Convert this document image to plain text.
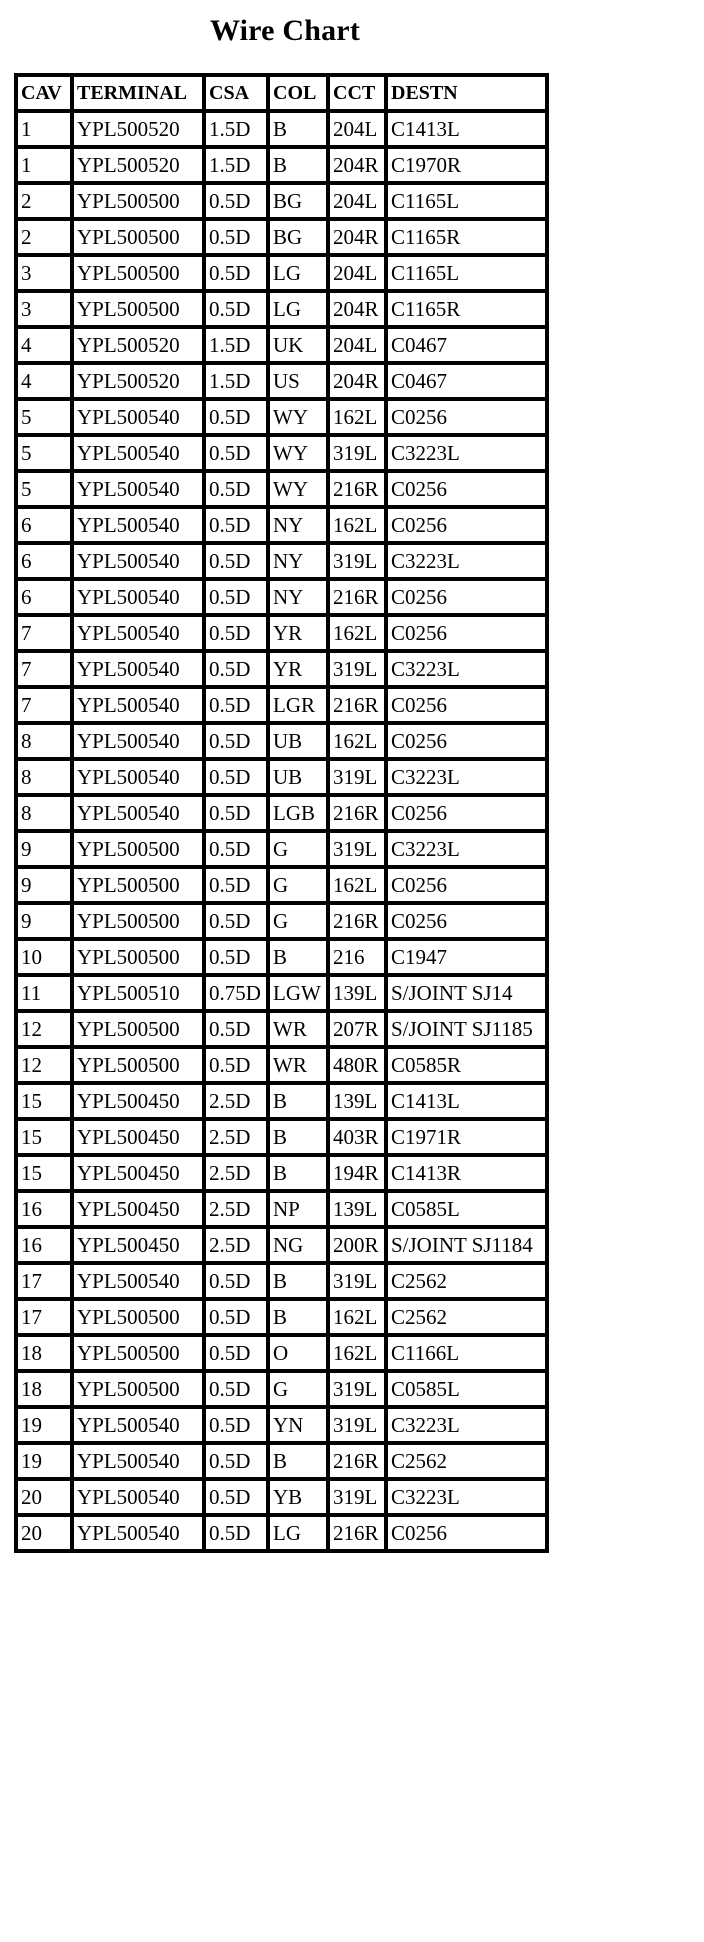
Wire Chart
CAV	TERMINAL	CSA	COL	CCT	DESTN
1	YPL500520	1.5D	B	204L	C1413L
1	YPL500520	1.5D	B	204R	C1970R
2	YPL500500	0.5D	BG	204L	C1165L
2	YPL500500	0.5D	BG	204R	C1165R
3	YPL500500	0.5D	LG	204L	C1165L
3	YPL500500	0.5D	LG	204R	C1165R
4	YPL500520	1.5D	UK	204L	C0467
4	YPL500520	1.5D	US	204R	C0467
5	YPL500540	0.5D	WY	162L	C0256
5	YPL500540	0.5D	WY	319L	C3223L
5	YPL500540	0.5D	WY	216R	C0256
6	YPL500540	0.5D	NY	162L	C0256
6	YPL500540	0.5D	NY	319L	C3223L
6	YPL500540	0.5D	NY	216R	C0256
7	YPL500540	0.5D	YR	162L	C0256
7	YPL500540	0.5D	YR	319L	C3223L
7	YPL500540	0.5D	LGR	216R	C0256
8	YPL500540	0.5D	UB	162L	C0256
8	YPL500540	0.5D	UB	319L	C3223L
8	YPL500540	0.5D	LGB	216R	C0256
9	YPL500500	0.5D	G	319L	C3223L
9	YPL500500	0.5D	G	162L	C0256
9	YPL500500	0.5D	G	216R	C0256
10	YPL500500	0.5D	B	216	C1947
11	YPL500510	0.75D	LGW	139L	S/JOINT SJ14
12	YPL500500	0.5D	WR	207R	S/JOINT SJ1185
12	YPL500500	0.5D	WR	480R	C0585R
15	YPL500450	2.5D	B	139L	C1413L
15	YPL500450	2.5D	B	403R	C1971R
15	YPL500450	2.5D	B	194R	C1413R
16	YPL500450	2.5D	NP	139L	C0585L
16	YPL500450	2.5D	NG	200R	S/JOINT SJ1184
17	YPL500540	0.5D	B	319L	C2562
17	YPL500500	0.5D	B	162L	C2562
18	YPL500500	0.5D	O	162L	C1166L
18	YPL500500	0.5D	G	319L	C0585L
19	YPL500540	0.5D	YN	319L	C3223L
19	YPL500540	0.5D	B	216R	C2562
20	YPL500540	0.5D	YB	319L	C3223L
20	YPL500540	0.5D	LG	216R	C0256
